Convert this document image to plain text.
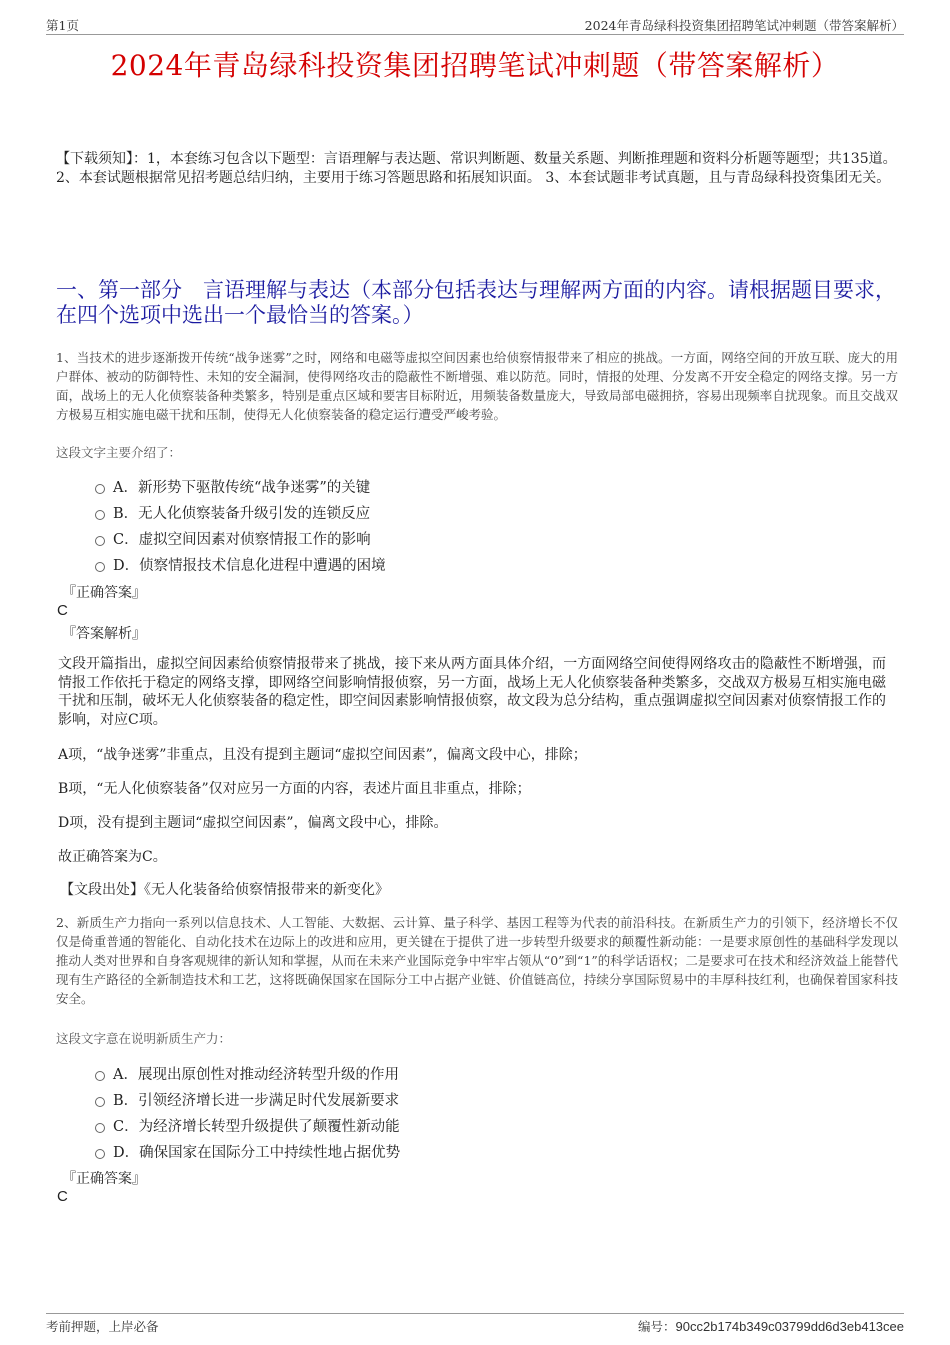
第1页	2024年青岛绿科投资集团招聘笔试冲刺题（带答案解析）
2024年青岛绿科投资集团招聘笔试冲刺题（带答案解析）
【下载须知】：1，本套练习包含以下题型：言语理解与表达题、常识判断题、数量关系题、判断推理题和资料分析题等题型；共135道。 2、本套试题根据常见招考题总结归纳，主要用于练习答题思路和拓展知识面。 3、本套试题非考试真题，且与青岛绿科投资集团无关。
一、第一部分　言语理解与表达（本部分包括表达与理解两方面的内容。请根据题目要求，在四个选项中选出一个最恰当的答案。）
1、当技术的进步逐渐拨开传统“战争迷雾”之时，网络和电磁等虚拟空间因素也给侦察情报带来了相应的挑战。一方面，网络空间的开放互联、庞大的用户群体、被动的防御特性、未知的安全漏洞，使得网络攻击的隐蔽性不断增强、难以防范。同时，情报的处理、分发离不开安全稳定的网络支撑。另一方面，战场上的无人化侦察装备种类繁多，特别是重点区域和要害目标附近，用频装备数量庞大，导致局部电磁拥挤，容易出现频率自扰现象。而且交战双方极易互相实施电磁干扰和压制，使得无人化侦察装备的稳定运行遭受严峻考验。
这段文字主要介绍了：
A．新形势下驱散传统“战争迷雾”的关键
B．无人化侦察装备升级引发的连锁反应
C．虚拟空间因素对侦察情报工作的影响
D．侦察情报技术信息化进程中遭遇的困境
『正确答案』
C
『答案解析』
文段开篇指出，虚拟空间因素给侦察情报带来了挑战，接下来从两方面具体介绍，一方面网络空间使得网络攻击的隐蔽性不断增强，而情报工作依托于稳定的网络支撑，即网络空间影响情报侦察，另一方面，战场上无人化侦察装备种类繁多，交战双方极易互相实施电磁干扰和压制，破坏无人化侦察装备的稳定性，即空间因素影响情报侦察，故文段为总分结构，重点强调虚拟空间因素对侦察情报工作的影响，对应C项。
A项，“战争迷雾”非重点，且没有提到主题词“虚拟空间因素”，偏离文段中心，排除；
B项，“无人化侦察装备”仅对应另一方面的内容，表述片面且非重点，排除；
D项，没有提到主题词“虚拟空间因素”，偏离文段中心，排除。
故正确答案为C。
【文段出处】《无人化装备给侦察情报带来的新变化》
2、新质生产力指向一系列以信息技术、人工智能、大数据、云计算、量子科学、基因工程等为代表的前沿科技。在新质生产力的引领下，经济增长不仅仅是倚重普通的智能化、自动化技术在边际上的改进和应用，更关键在于提供了进一步转型升级要求的颠覆性新动能：一是要求原创性的基础科学发现以推动人类对世界和自身客观规律的新认知和掌握，从而在未来产业国际竞争中牢牢占领从“0”到“1”的科学话语权；二是要求可在技术和经济效益上能替代现有生产路径的全新制造技术和工艺，这将既确保国家在国际分工中占据产业链、价值链高位，持续分享国际贸易中的丰厚科技红利，也确保着国家科技安全。
这段文字意在说明新质生产力：
A．展现出原创性对推动经济转型升级的作用
B．引领经济增长进一步满足时代发展新要求
C．为经济增长转型升级提供了颠覆性新动能
D．确保国家在国际分工中持续性地占据优势
『正确答案』
C
考前押题，上岸必备	编号：90cc2b174b349c03799dd6d3eb413cee
